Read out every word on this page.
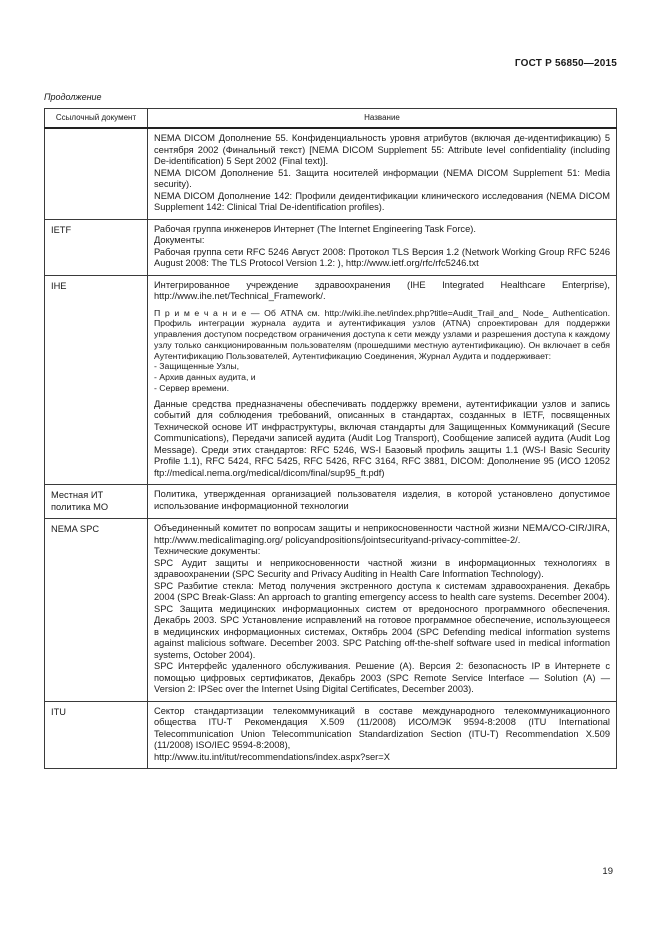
ГОСТ Р 56850—2015
Продолжение
Ссылочный документ	Название

	NEMA DICOM Дополнение 55. Конфиденциальность уровня атрибутов (включая де-идентификацию) 5 сентября 2002 (Финальный текст) [NEMA DICOM Supplement 55: Attribute level confidentiality (including De-identification) 5 Sept 2002 (Final text)].

NEMA DICOM Дополнение 51. Защита носителей информации (NEMA DICOM Supplement 51: Media security).

NEMA DICOM Дополнение 142: Профили деидентификации клинического исследования (NEMA DICOM Supplement 142: Clinical Trial De-identification profiles).

IETF	Рабочая группа инженеров Интернет (The Internet Engineering Task Force).

Документы:

Рабочая группа сети RFC 5246 Август 2008: Протокол TLS Версия 1.2 (Network Working Group RFC 5246 August 2008: The TLS Protocol Version 1.2: ), http://www.ietf.org/rfc/rfc5246.txt

IHE	Интегрированное учреждение здравоохранения (IHE Integrated Healthcare Enterprise), http://www.ihe.net/Technical_Framework/.

П р и м е ч а н и е — Об ATNA см. http://wiki.ihe.net/index.php?title=Audit_Trail_and_ Node_ Authentication. Профиль интеграции журнала аудита и аутентификация узлов (ATNA) спроектирован для поддержки управления доступом посредством ограничения доступа к сети между узлами и разрешения доступа к каждому узлу только санкционированным пользователям (прошедшими местную аутентификацию). Он включает в себя Аутентификацию Пользователей, Аутентификацию Соединения, Журнал Аудита и поддерживает:

- Защищенные Узлы,

- Архив данных аудита, и

- Сервер времени.

Данные средства предназначены обеспечивать поддержку времени, аутентификации узлов и запись событий для соблюдения требований, описанных в стандартах, созданных в IETF, посвященных Технической основе ИТ инфраструктуры, включая стандарты для Защищенных Коммуникаций (Secure Communications), Передачи записей аудита (Audit Log Transport), Сообщение записей аудита (Audit Log Message). Среди этих стандартов: RFC 5246, WS-I Базовый профиль защиты 1.1 (WS-I Basic Security Profile 1.1), RFC 5424, RFC 5425, RFC 5426, RFC 3164, RFC 3881, DICOM: Дополнение 95 (ИСО 12052 ftp://medical.nema.org/medical/dicom/final/sup95_ft.pdf)

Местная ИТ политика МО	Политика, утвержденная организацией пользователя изделия, в которой установлено допустимое использование информационной технологии

NEMA SPC	Объединенный комитет по вопросам защиты и неприкосновенности частной жизни NEMA/CO-CIR/JIRA, http://www.medicalimaging.org/ policyandpositions/jointsecurityand-privacy-committee-2/.

Технические документы:

SPC Аудит защиты и неприкосновенности частной жизни в информационных технологиях в здравоохранении (SPC Security and Privacy Auditing in Health Care Information Technology).

SPC Разбитие стекла: Метод получения экстренного доступа к системам здравоохранения. Декабрь 2004 (SPC Break-Glass: An approach to granting emergency access to health care systems. December 2004).

SPC Защита медицинских информационных систем от вредоносного программного обеспечения. Декабрь 2003. SPC Установление исправлений на готовое программное обеспечение, использующееся в медицинских информационных системах, Октябрь 2004 (SPC Defending medical information systems against malicious software. December 2003. SPC Patching off-the-shelf software used in medical information systems, October 2004).

SPC Интерфейс удаленного обслуживания. Решение (А). Версия 2: безопасность IP в Интернете с помощью цифровых сертификатов, Декабрь 2003 (SPC Remote Service Interface — Solution (A) — Version 2: IPSec over the Internet Using Digital Certificates, December 2003).

ITU	Сектор стандартизации телекоммуникаций в составе международного телекоммуникационного общества ITU-T Рекомендация X.509 (11/2008) ИСО/МЭК 9594-8:2008 (ITU International Telecommunication Union Telecommunication Standardization Section (ITU-T) Recommendation X.509 (11/2008) ISO/IEC 9594-8:2008),

http://www.itu.int/itut/recommendations/index.aspx?ser=X

19
